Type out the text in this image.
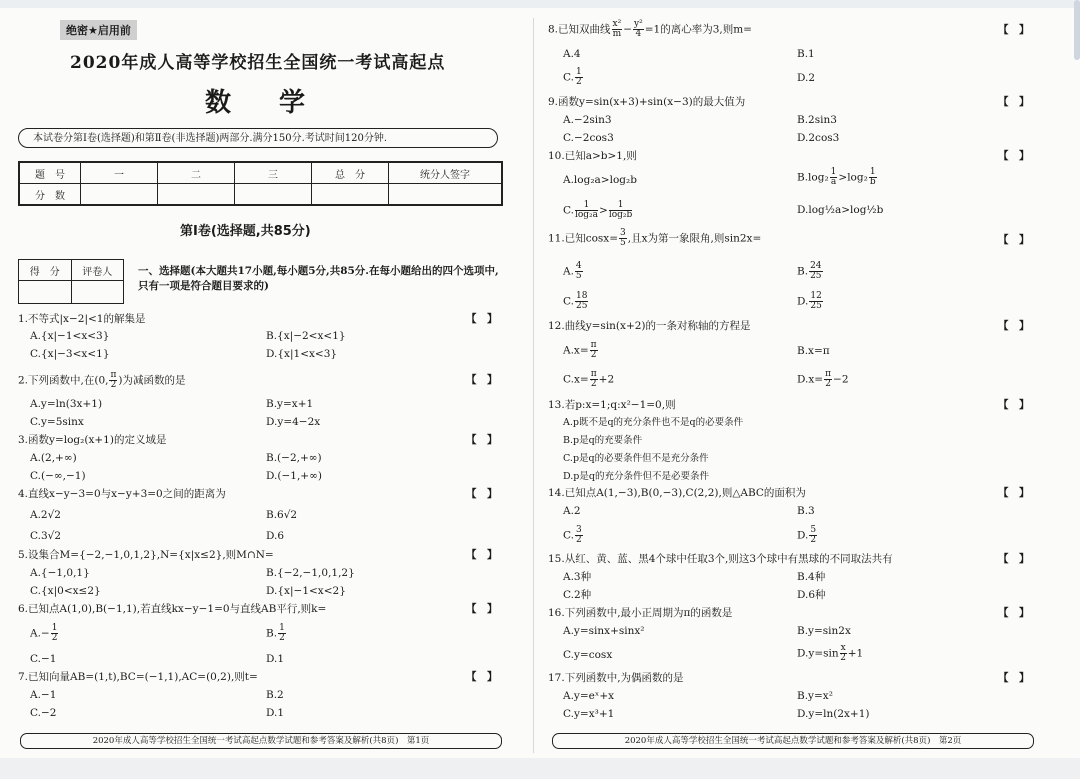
绝密★启用前
2020年成人高等学校招生全国统一考试高起点
数学
本试卷分第Ⅰ卷(选择题)和第Ⅱ卷(非选择题)两部分.满分150分.考试时间120分钟.
题　号	一	二	三	总　分	统分人签字
分　数					
第Ⅰ卷(选择题,共85分)
得　分	评卷人
	一、选择题(本大题共17小题,每小题5分,共85分.在每小题给出的四个选项中,只有一项是符合题目要求的)
1.不等式|x−2|<1的解集是	【　】
A.{x|−1<x<3}	B.{x|−2<x<1}
C.{x|−3<x<1}	D.{x|1<x<3}
2.下列函数中,在(0, $\frac{\pi}{2}$ )为减函数的是	【　】
A.y=ln(3x+1)	B.y=x+1
C.y=5sinx	D.y=4−2x
3.函数y=log₂(x+1)的定义域是	【　】
A.(2,+∞)	B.(−2,+∞)
C.(−∞,−1)	D.(−1,+∞)
4.直线x−y−3=0与x−y+3=0之间的距离为	【　】
A.2√2	B.6√2
C.3√2	D.6
5.设集合M={−2,−1,0,1,2},N={x|x≤2},则M∩N=	【　】
A.{−1,0,1}	B.{−2,−1,0,1,2}
C.{x|0<x≤2}	D.{x|−1<x<2}
6.已知点A(1,0),B(−1,1),若直线kx−y−1=0与直线AB平行,则k=	【　】
$A.- \frac{1}{2}$	B. $\frac{1}{2}$
C.−1	D.1
7.已知向量AB=(1,t),BC=(−1,1),AC=(0,2),则t=	【　】
A.−1	B.2
C.−2	D.1
2020年成人高等学校招生全国统一考试高起点数学试题和参考答案及解析(共8页)　第1页
8.已知双曲线 $\frac{\text{x²}}{m} - \frac{\text{y²}}{4} =1$的离心率为3,则m=	【　】
A.4	B.1
C. $\frac{1}{2}$	D.2
9.函数y=sin(x+3)+sin(x−3)的最大值为	【　】
A.−2sin3	B.2sin3
C.−2cos3	D.2cos3
10.已知a>b>1,则	【　】
A.log₂a>log₂b	$B.\log_2 \frac{1}{a} >\log_2 \frac{1}{b}$
C. $\frac{1}{\text{log₂a}} > \frac{1}{\text{log₂b}}$	D.log½a>log½b
11.已知$\cos x= \frac{3}{5}$ ,且x为第一象限角,则sin2x=	【　】
A. $\frac{4}{5}$	B. $\frac{24}{25}$
C. $\frac{18}{25}$	D. $\frac{12}{25}$
12.曲线y=sin(x+2)的一条对称轴的方程是	【　】
$A.x= \frac{\pi}{2}$	B.x=π
$C.x= \frac{\pi}{2} +2$	$D.x= \frac{\pi}{2} -2$
13.若p:x=1;q:x²−1=0,则	【　】
A.p既不是q的充分条件也不是q的必要条件
B.p是q的充要条件
C.p是q的必要条件但不是充分条件
D.p是q的充分条件但不是必要条件
14.已知点A(1,−3),B(0,−3),C(2,2),则△ABC的面积为	【　】
A.2	B.3
C. $\frac{3}{2}$	D. $\frac{5}{2}$
15.从红、黄、蓝、黑4个球中任取3个,则这3个球中有黑球的不同取法共有	【　】
A.3种	B.4种
C.2种	D.6种
16.下列函数中,最小正周期为π的函数是	【　】
A.y=sinx+sinx²	B.y=sin2x
C.y=cosx	$D.y=\sin \frac{x}{2} +1$
17.下列函数中,为偶函数的是	【　】
A.y=eˣ+x	B.y=x²
C.y=x³+1	D.y=ln(2x+1)
2020年成人高等学校招生全国统一考试高起点数学试题和参考答案及解析(共8页)　第2页
